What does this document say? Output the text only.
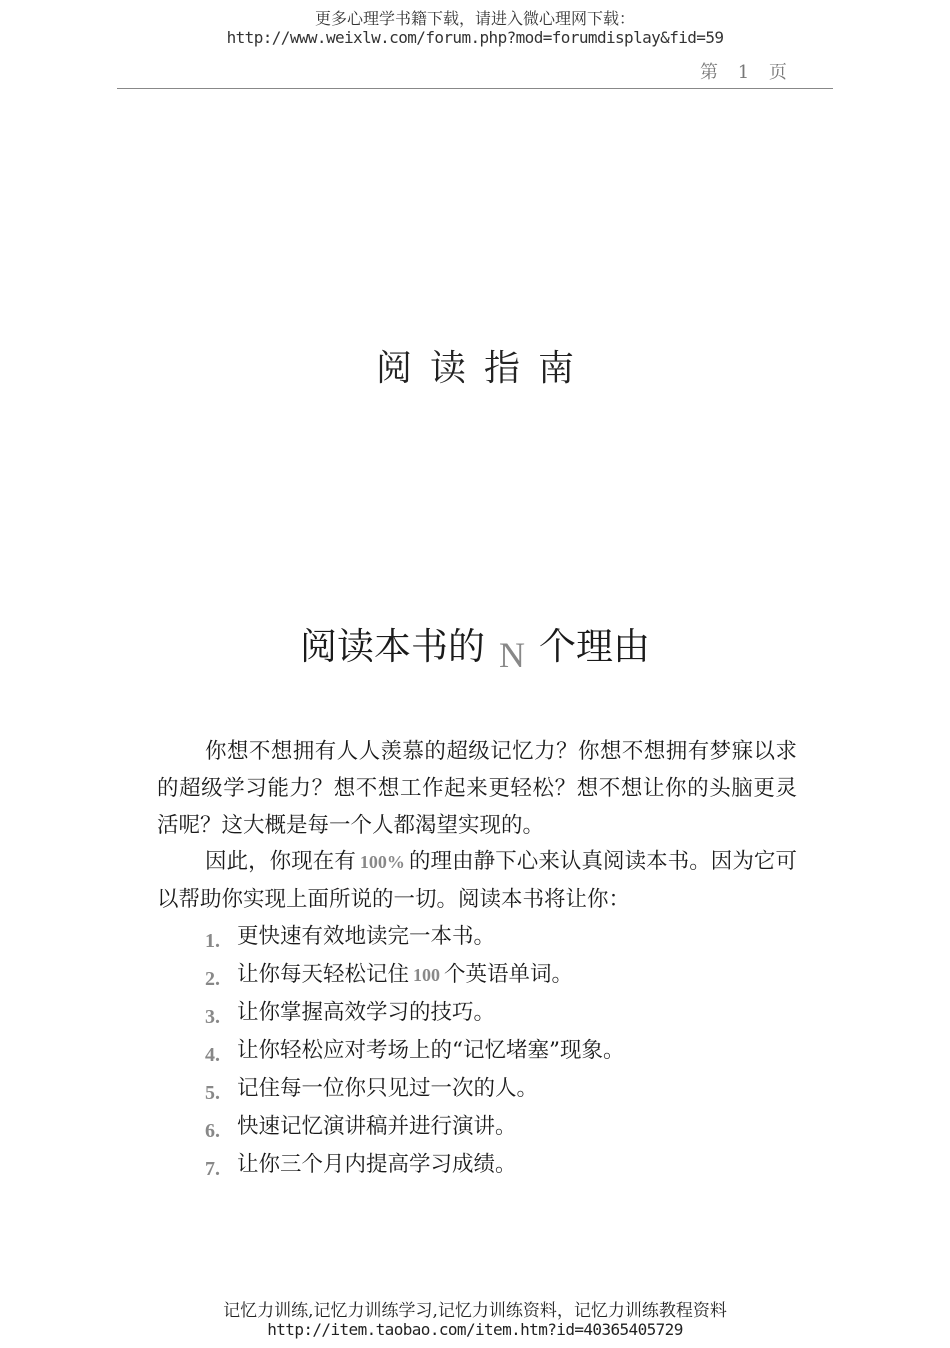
更多心理学书籍下载，请进入微心理网下载：
http://www.weixlw.com/forum.php?mod=forumdisplay&fid=59
第 1 页
阅读指南
阅读本书的 N 个理由
你想不想拥有人人羡慕的超级记忆力？你想不想拥有梦寐以求的超级学习能力？想不想工作起来更轻松？想不想让你的头脑更灵活呢？这大概是每一个人都渴望实现的。
因此，你现在有 100% 的理由静下心来认真阅读本书。因为它可以帮助你实现上面所说的一切。阅读本书将让你：
1. 更快速有效地读完一本书。
2. 让你每天轻松记住 100 个英语单词。
3. 让你掌握高效学习的技巧。
4. 让你轻松应对考场上的“记忆堵塞”现象。
5. 记住每一位你只见过一次的人。
6. 快速记忆演讲稿并进行演讲。
7. 让你三个月内提高学习成绩。
记忆力训练,记忆力训练学习,记忆力训练资料，记忆力训练教程资料
http://item.taobao.com/item.htm?id=40365405729
